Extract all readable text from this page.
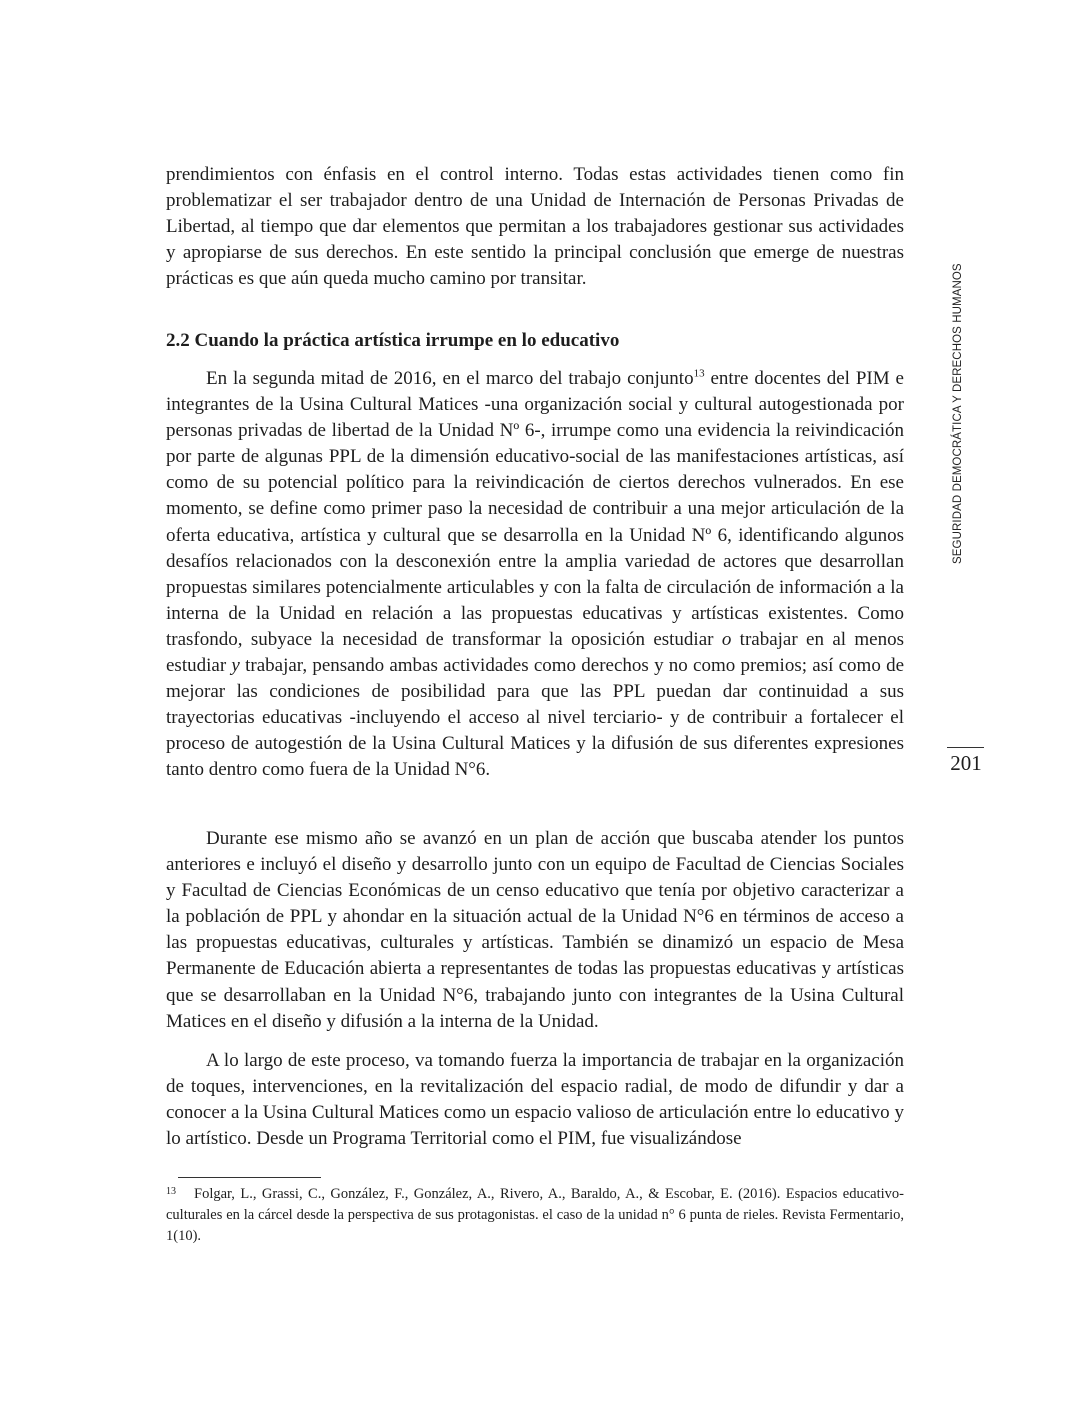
prendimientos con énfasis en el control interno. Todas estas actividades tienen como fin problematizar el ser trabajador dentro de una Unidad de Internación de Personas Privadas de Libertad, al tiempo que dar elementos que permitan a los trabajadores gestionar sus actividades y apropiarse de sus derechos. En este sentido la principal conclusión que emerge de nuestras prácticas es que aún queda mucho camino por transitar.

2.2 Cuando la práctica artística irrumpe en lo educativo

En la segunda mitad de 2016, en el marco del trabajo conjunto$^{13}$ entre docentes del PIM e integrantes de la Usina Cultural Matices -una organización social y cultural autogestionada por personas privadas de libertad de la Unidad Nº 6-, irrumpe como una evidencia la reivindicación por parte de algunas PPL de la dimensión educativo-social de las manifestaciones artísticas, así como de su potencial político para la reivindicación de ciertos derechos vulnerados. En ese momento, se define como primer paso la necesidad de contribuir a una mejor articulación de la oferta educativa, artística y cultural que se desarrolla en la Unidad Nº 6, identificando algunos desafíos relacionados con la desconexión entre la amplia variedad de actores que desarrollan propuestas similares potencialmente articulables y con la falta de circulación de información a la interna de la Unidad en relación a las propuestas educativas y artísticas existentes. Como trasfondo, subyace la necesidad de transformar la oposición estudiar o trabajar en al menos estudiar y trabajar, pensando ambas actividades como derechos y no como premios; así como de mejorar las condiciones de posibilidad para que las PPL puedan dar continuidad a sus trayectorias educativas -incluyendo el acceso al nivel terciario- y de contribuir a fortalecer el proceso de autogestión de la Usina Cultural Matices y la difusión de sus diferentes expresiones tanto dentro como fuera de la Unidad N°6.

Durante ese mismo año se avanzó en un plan de acción que buscaba atender los puntos anteriores e incluyó el diseño y desarrollo junto con un equipo de Facultad de Ciencias Sociales y Facultad de Ciencias Económicas de un censo educativo que tenía por objetivo caracterizar a la población de PPL y ahondar en la situación actual de la Unidad N°6 en términos de acceso a las propuestas educativas, culturales y artísticas. También se dinamizó un espacio de Mesa Permanente de Educación abierta a representantes de todas las propuestas educativas y artísticas que se desarrollaban en la Unidad N°6, trabajando junto con integrantes de la Usina Cultural Matices en el diseño y difusión a la interna de la Unidad.

A lo largo de este proceso, va tomando fuerza la importancia de trabajar en la organización de toques, intervenciones, en la revitalización del espacio radial, de modo de difundir y dar a conocer a la Usina Cultural Matices como un espacio valioso de articulación entre lo educativo y lo artístico. Desde un Programa Territorial como el PIM, fue visualizándose

13 Folgar, L., Grassi, C., González, F., González, A., Rivero, A., Baraldo, A., & Escobar, E. (2016). Espacios educativo-culturales en la cárcel desde la perspectiva de sus protagonistas. el caso de la unidad n° 6 punta de rieles. Revista Fermentario, 1(10).
SEGURIDAD DEMOCRÁTICA Y DERECHOS HUMANOS
201
